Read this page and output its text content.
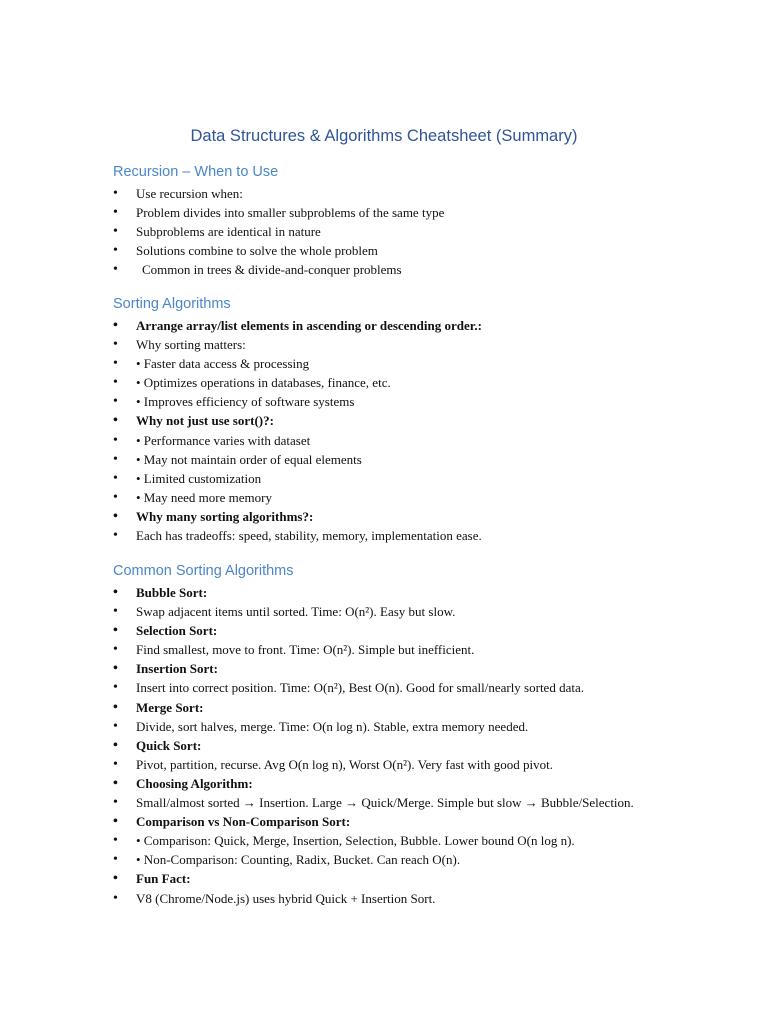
Data Structures & Algorithms Cheatsheet (Summary)
Recursion – When to Use
• Use recursion when:
• Problem divides into smaller subproblems of the same type
• Subproblems are identical in nature
• Solutions combine to solve the whole problem
• Common in trees & divide-and-conquer problems
Sorting Algorithms
• Arrange array/list elements in ascending or descending order.:
• Why sorting matters:
• • Faster data access & processing
• • Optimizes operations in databases, finance, etc.
• • Improves efficiency of software systems
• Why not just use sort()?:
• • Performance varies with dataset
• • May not maintain order of equal elements
• • Limited customization
• • May need more memory
• Why many sorting algorithms?:
• Each has tradeoffs: speed, stability, memory, implementation ease.
Common Sorting Algorithms
• Bubble Sort:
• Swap adjacent items until sorted. Time: O(n²). Easy but slow.
• Selection Sort:
• Find smallest, move to front. Time: O(n²). Simple but inefficient.
• Insertion Sort:
• Insert into correct position. Time: O(n²), Best O(n). Good for small/nearly sorted data.
• Merge Sort:
• Divide, sort halves, merge. Time: O(n log n). Stable, extra memory needed.
• Quick Sort:
• Pivot, partition, recurse. Avg O(n log n), Worst O(n²). Very fast with good pivot.
• Choosing Algorithm:
• Small/almost sorted → Insertion. Large → Quick/Merge. Simple but slow → Bubble/Selection.
• Comparison vs Non-Comparison Sort:
• • Comparison: Quick, Merge, Insertion, Selection, Bubble. Lower bound O(n log n).
• • Non-Comparison: Counting, Radix, Bucket. Can reach O(n).
• Fun Fact:
• V8 (Chrome/Node.js) uses hybrid Quick + Insertion Sort.
